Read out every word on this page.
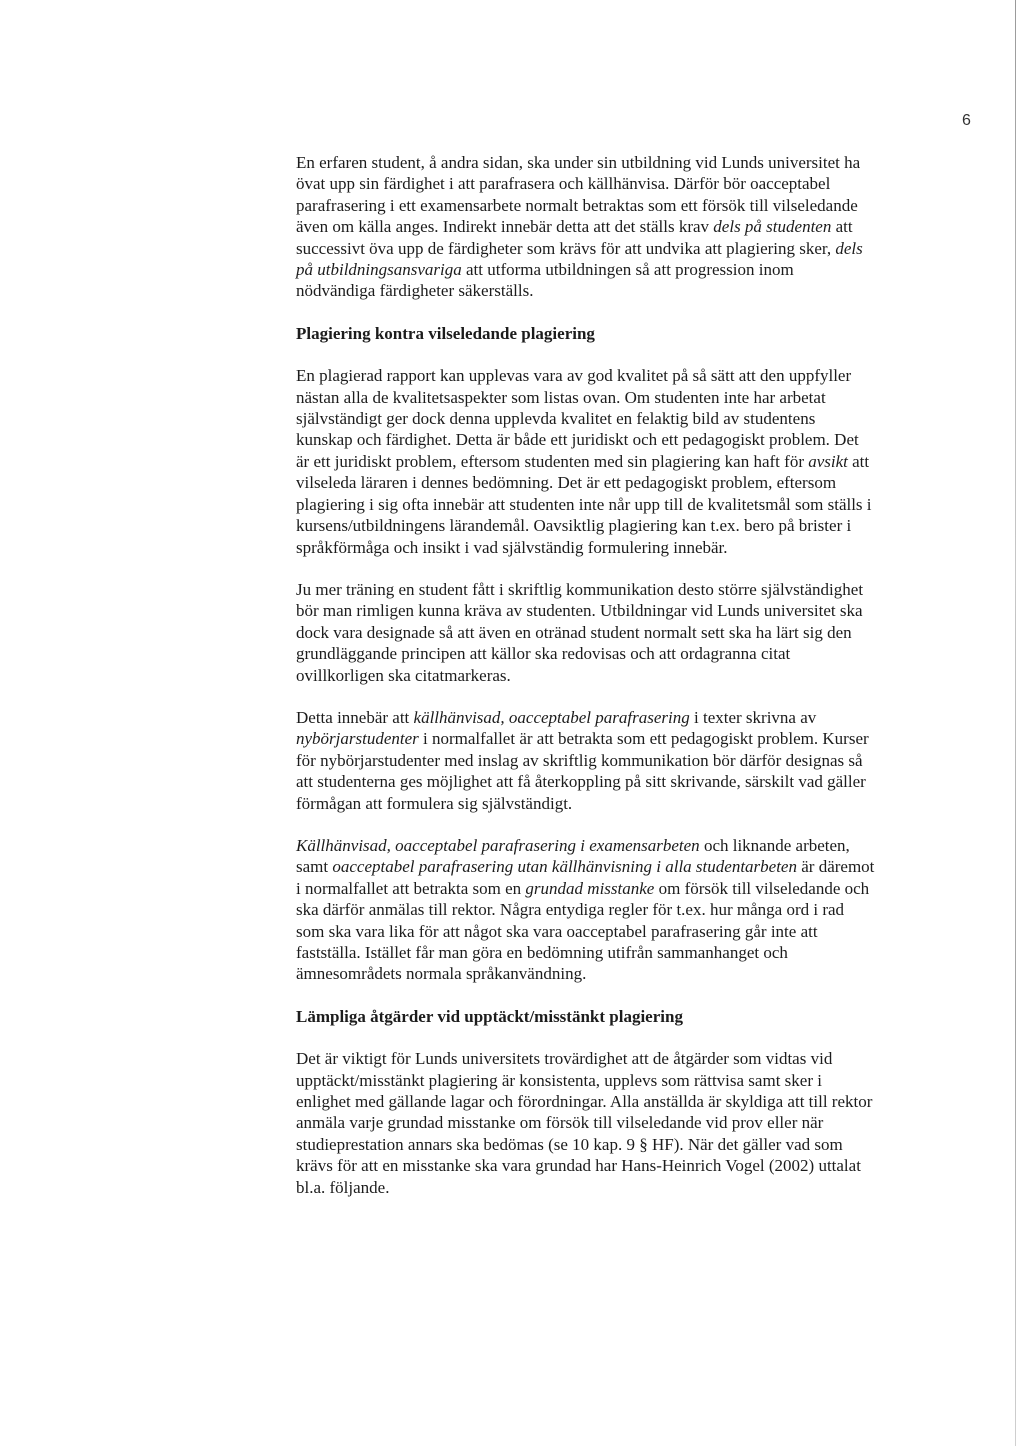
6

En erfaren student, å andra sidan, ska under sin utbildning vid Lunds universitet ha
övat upp sin färdighet i att parafrasera och källhänvisa. Därför bör oacceptabel
parafrasering i ett examensarbete normalt betraktas som ett försök till vilseledande
även om källa anges. Indirekt innebär detta att det ställs krav dels på studenten att
successivt öva upp de färdigheter som krävs för att undvika att plagiering sker, dels
på utbildningsansvariga att utforma utbildningen så att progression inom
nödvändiga färdigheter säkerställs.

Plagiering kontra vilseledande plagiering

En plagierad rapport kan upplevas vara av god kvalitet på så sätt att den uppfyller
nästan alla de kvalitetsaspekter som listas ovan. Om studenten inte har arbetat
självständigt ger dock denna upplevda kvalitet en felaktig bild av studentens
kunskap och färdighet. Detta är både ett juridiskt och ett pedagogiskt problem. Det
är ett juridiskt problem, eftersom studenten med sin plagiering kan haft för avsikt att
vilseleda läraren i dennes bedömning. Det är ett pedagogiskt problem, eftersom
plagiering i sig ofta innebär att studenten inte når upp till de kvalitetsmål som ställs i
kursens/utbildningens lärandemål. Oavsiktlig plagiering kan t.ex. bero på brister i
språkförmåga och insikt i vad självständig formulering innebär.

Ju mer träning en student fått i skriftlig kommunikation desto större självständighet
bör man rimligen kunna kräva av studenten. Utbildningar vid Lunds universitet ska
dock vara designade så att även en otränad student normalt sett ska ha lärt sig den
grundläggande principen att källor ska redovisas och att ordagranna citat
ovillkorligen ska citatmarkeras.

Detta innebär att källhänvisad, oacceptabel parafrasering i texter skrivna av
nybörjarstudenter i normalfallet är att betrakta som ett pedagogiskt problem. Kurser
för nybörjarstudenter med inslag av skriftlig kommunikation bör därför designas så
att studenterna ges möjlighet att få återkoppling på sitt skrivande, särskilt vad gäller
förmågan att formulera sig självständigt.

Källhänvisad, oacceptabel parafrasering i examensarbeten och liknande arbeten,
samt oacceptabel parafrasering utan källhänvisning i alla studentarbeten är däremot
i normalfallet att betrakta som en grundad misstanke om försök till vilseledande och
ska därför anmälas till rektor. Några entydiga regler för t.ex. hur många ord i rad
som ska vara lika för att något ska vara oacceptabel parafrasering går inte att
fastställa. Istället får man göra en bedömning utifrån sammanhanget och
ämnesområdets normala språkanvändning.

Lämpliga åtgärder vid upptäckt/misstänkt plagiering

Det är viktigt för Lunds universitets trovärdighet att de åtgärder som vidtas vid
upptäckt/misstänkt plagiering är konsistenta, upplevs som rättvisa samt sker i
enlighet med gällande lagar och förordningar. Alla anställda är skyldiga att till rektor
anmäla varje grundad misstanke om försök till vilseledande vid prov eller när
studieprestation annars ska bedömas (se 10 kap. 9 § HF). När det gäller vad som
krävs för att en misstanke ska vara grundad har Hans-Heinrich Vogel (2002) uttalat
bl.a. följande.
